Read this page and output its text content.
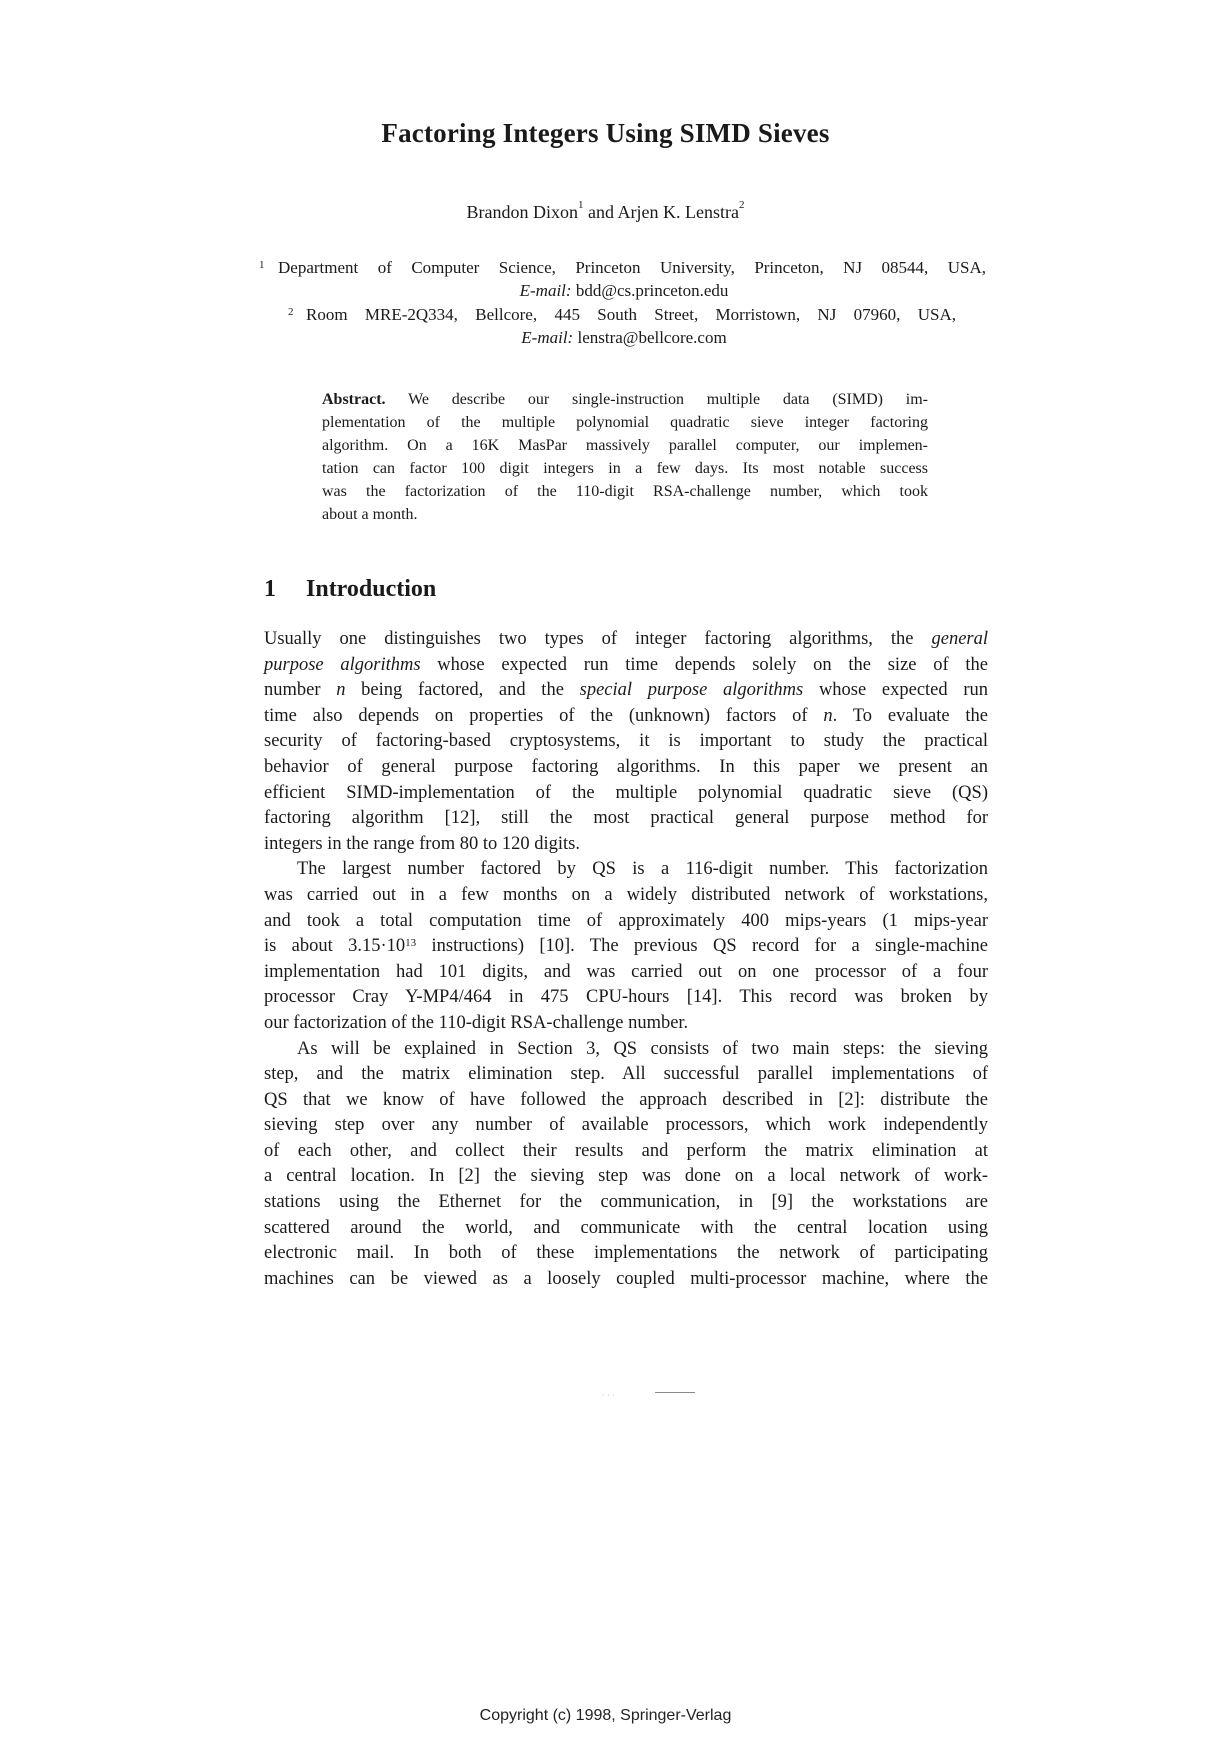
Factoring Integers Using SIMD Sieves
Brandon Dixon$^1$ and Arjen K. Lenstra$^2$
1 Department of Computer Science, Princeton University, Princeton, NJ 08544, USA,
E-mail: bdd@cs.princeton.edu
2 Room MRE-2Q334, Bellcore, 445 South Street, Morristown, NJ 07960, USA,
E-mail: lenstra@bellcore.com
Abstract. We describe our single-instruction multiple data (SIMD) im-
plementation of the multiple polynomial quadratic sieve integer factoring
algorithm. On a 16K MasPar massively parallel computer, our implemen-
tation can factor 100 digit integers in a few days. Its most notable success
was the factorization of the 110-digit RSA-challenge number, which took
about a month.
1 Introduction
Usually one distinguishes two types of integer factoring algorithms, the general
purpose algorithms whose expected run time depends solely on the size of the
number n being factored, and the special purpose algorithms whose expected run
time also depends on properties of the (unknown) factors of n. To evaluate the
security of factoring-based cryptosystems, it is important to study the practical
behavior of general purpose factoring algorithms. In this paper we present an
efficient SIMD-implementation of the multiple polynomial quadratic sieve (QS)
factoring algorithm [12], still the most practical general purpose method for
integers in the range from 80 to 120 digits.
The largest number factored by QS is a 116-digit number. This factorization
was carried out in a few months on a widely distributed network of workstations,
and took a total computation time of approximately 400 mips-years (1 mips-year
is about $3.15\cdot 10^{13}$ instructions) [10]. The previous QS record for a single-machine
implementation had 101 digits, and was carried out on one processor of a four
processor Cray Y-MP4/464 in 475 CPU-hours [14]. This record was broken by
our factorization of the 110-digit RSA-challenge number.
As will be explained in Section 3, QS consists of two main steps: the sieving
step, and the matrix elimination step. All successful parallel implementations of
QS that we know of have followed the approach described in [2]: distribute the
sieving step over any number of available processors, which work independently
of each other, and collect their results and perform the matrix elimination at
a central location. In [2] the sieving step was done on a local network of work-
stations using the Ethernet for the communication, in [9] the workstations are
scattered around the world, and communicate with the central location using
electronic mail. In both of these implementations the network of participating
machines can be viewed as a loosely coupled multi-processor machine, where the
· · ·
Copyright (c) 1998, Springer-Verlag
